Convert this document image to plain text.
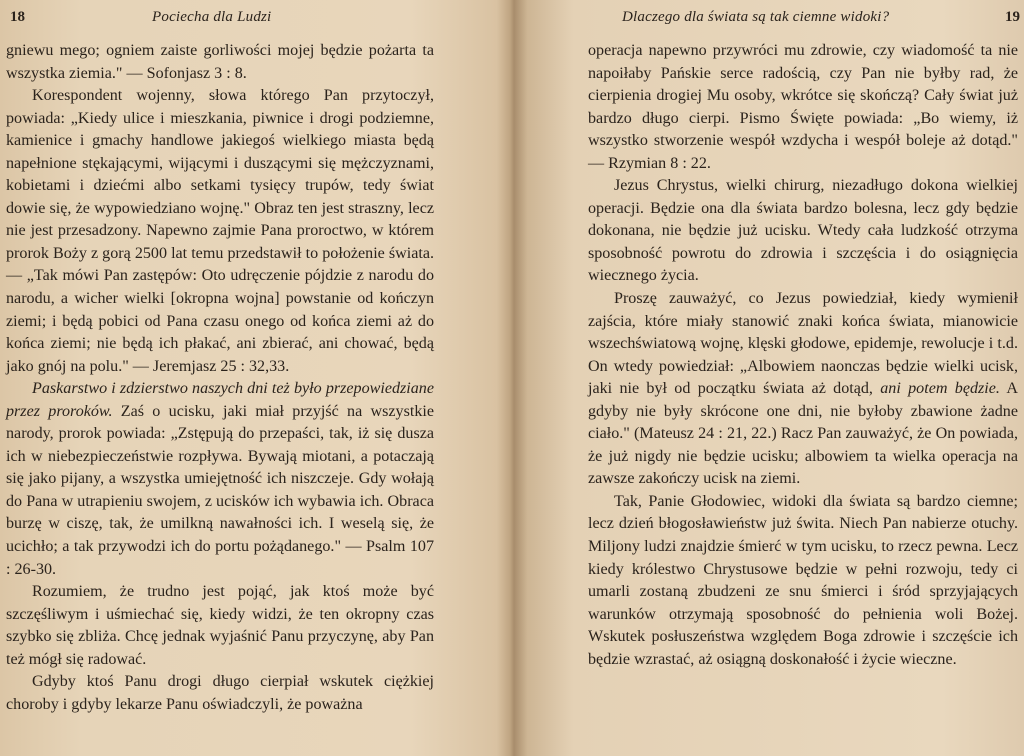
18	Pociecha dla Ludzi

gniewu mego; ogniem zaiste gorliwości mojej będzie pożarta ta wszystka ziemia." — Sofonjasz 3 : 8.

Korespondent wojenny, słowa którego Pan przytoczył, powiada: „Kiedy ulice i mieszkania, piwnice i drogi podziemne, kamienice i gmachy handlowe jakiegoś wielkiego miasta będą napełnione stękającymi, wijącymi i duszącymi się mężczyznami, kobietami i dziećmi albo setkami tysięcy trupów, tedy świat dowie się, że wypowiedziano wojnę." Obraz ten jest straszny, lecz nie jest przesadzony. Napewno zajmie Pana proroctwo, w którem prorok Boży z gorą 2500 lat temu przedstawił to położenie świata. — „Tak mówi Pan zastępów: Oto udręczenie pójdzie z narodu do narodu, a wicher wielki [okropna wojna] powstanie od kończyn ziemi; i będą pobici od Pana czasu onego od końca ziemi aż do końca ziemi; nie będą ich płakać, ani zbierać, ani chować, będą jako gnój na polu." — Jeremjasz 25 : 32,33.

Paskarstwo i zdzierstwo naszych dni też było przepowiedziane przez proroków. Zaś o ucisku, jaki miał przyjść na wszystkie narody, prorok powiada: „Zstępują do przepaści, tak, iż się dusza ich w niebezpieczeństwie rozpływa. Bywają miotani, a potaczają się jako pijany, a wszystka umiejętność ich niszczeje. Gdy wołają do Pana w utrapieniu swojem, z ucisków ich wybawia ich. Obraca burzę w ciszę, tak, że umilkną nawałności ich. I weselą się, że ucichło; a tak przywodzi ich do portu pożądanego." — Psalm 107 : 26-30.

Rozumiem, że trudno jest pojąć, jak ktoś może być szczęśliwym i uśmiechać się, kiedy widzi, że ten okropny czas szybko się zbliża. Chcę jednak wyjaśnić Panu przyczynę, aby Pan też mógł się radować.

Gdyby ktoś Panu drogi długo cierpiał wskutek ciężkiej choroby i gdyby lekarze Panu oświadczyli, że poważna

Dlaczego dla świata są tak ciemne widoki?	19

operacja napewno przywróci mu zdrowie, czy wiadomość ta nie napoiłaby Pańskie serce radością, czy Pan nie byłby rad, że cierpienia drogiej Mu osoby, wkrótce się skończą? Cały świat już bardzo długo cierpi. Pismo Święte powiada: „Bo wiemy, iż wszystko stworzenie wespół wzdycha i wespół boleje aż dotąd." — Rzymian 8 : 22.

Jezus Chrystus, wielki chirurg, niezadługo dokona wielkiej operacji. Będzie ona dla świata bardzo bolesna, lecz gdy będzie dokonana, nie będzie już ucisku. Wtedy cała ludzkość otrzyma sposobność powrotu do zdrowia i szczęścia i do osiągnięcia wiecznego życia.

Proszę zauważyć, co Jezus powiedział, kiedy wymienił zajścia, które miały stanowić znaki końca świata, mianowicie wszechświatową wojnę, klęski głodowe, epidemje, rewolucje i t.d. On wtedy powiedział: „Albowiem naonczas będzie wielki ucisk, jaki nie był od początku świata aż dotąd, ani potem będzie. A gdyby nie były skrócone one dni, nie byłoby zbawione żadne ciało." (Mateusz 24 : 21, 22.) Racz Pan zauważyć, że On powiada, że już nigdy nie będzie ucisku; albowiem ta wielka operacja na zawsze zakończy ucisk na ziemi.

Tak, Panie Głodowiec, widoki dla świata są bardzo ciemne; lecz dzień błogosławieństw już świta. Niech Pan nabierze otuchy. Miljony ludzi znajdzie śmierć w tym ucisku, to rzecz pewna. Lecz kiedy królestwo Chrystusowe będzie w pełni rozwoju, tedy ci umarli zostaną zbudzeni ze snu śmierci i śród sprzyjających warunków otrzymają sposobność do pełnienia woli Bożej. Wskutek posłuszeństwa względem Boga zdrowie i szczęście ich będzie wzrastać, aż osiągną doskonałość i życie wieczne.
